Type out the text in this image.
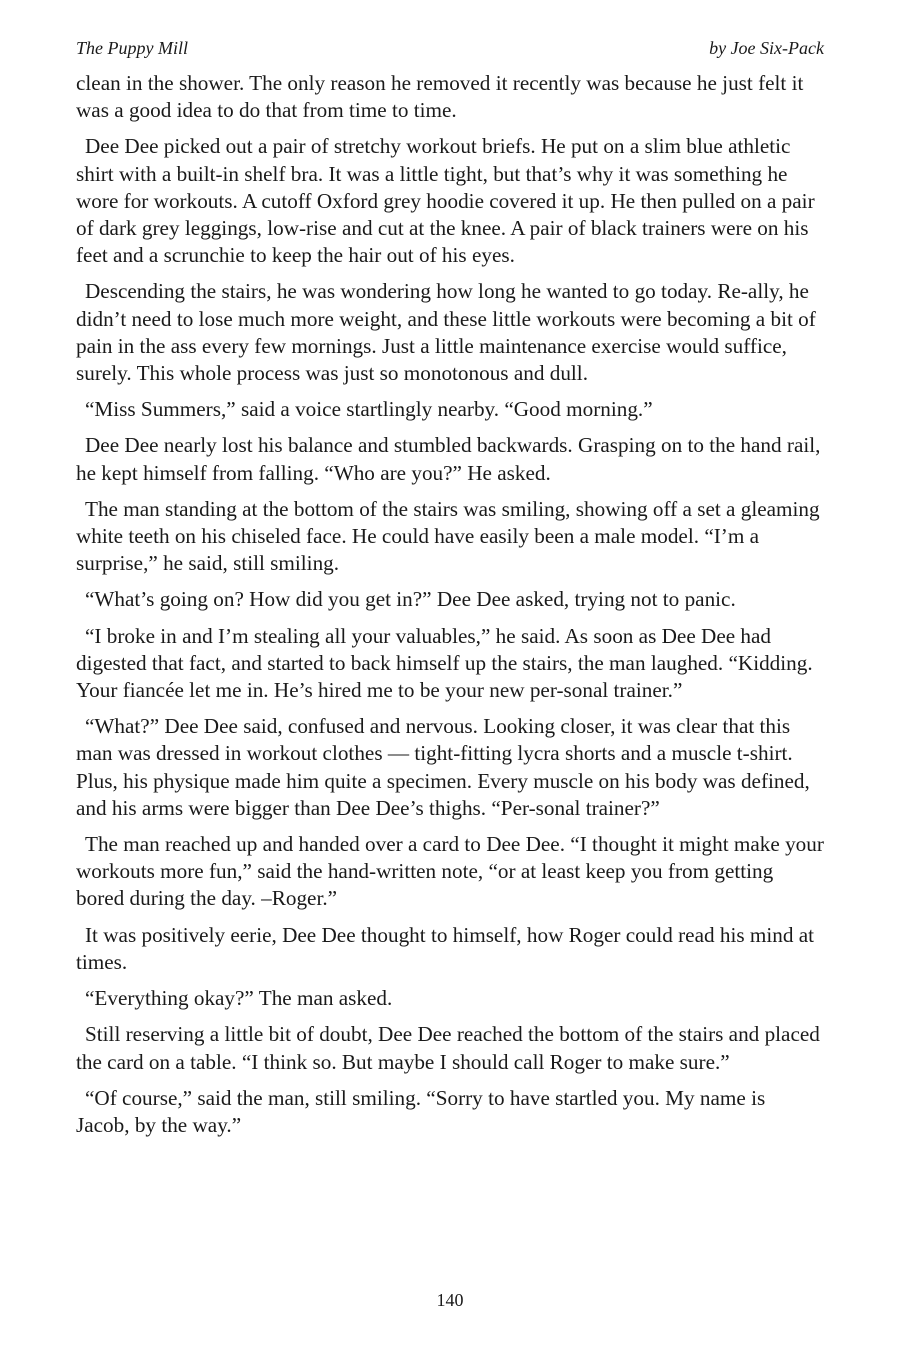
The Puppy Mill	by Joe Six-Pack

clean in the shower. The only reason he removed it recently was because he just felt it was a good idea to do that from time to time.

Dee Dee picked out a pair of stretchy workout briefs. He put on a slim blue athletic shirt with a built-in shelf bra. It was a little tight, but that’s why it was something he wore for workouts. A cutoff Oxford grey hoodie covered it up. He then pulled on a pair of dark grey leggings, low-rise and cut at the knee. A pair of black trainers were on his feet and a scrunchie to keep the hair out of his eyes.

Descending the stairs, he was wondering how long he wanted to go today. Re-ally, he didn’t need to lose much more weight, and these little workouts were becoming a bit of pain in the ass every few mornings. Just a little maintenance exercise would suffice, surely. This whole process was just so monotonous and dull.

“Miss Summers,” said a voice startlingly nearby. “Good morning.”

Dee Dee nearly lost his balance and stumbled backwards. Grasping on to the hand rail, he kept himself from falling. “Who are you?” He asked.

The man standing at the bottom of the stairs was smiling, showing off a set a gleaming white teeth on his chiseled face. He could have easily been a male model. “I’m a surprise,” he said, still smiling.

“What’s going on? How did you get in?” Dee Dee asked, trying not to panic.

“I broke in and I’m stealing all your valuables,” he said. As soon as Dee Dee had digested that fact, and started to back himself up the stairs, the man laughed. “Kidding. Your fiancée let me in. He’s hired me to be your new per-sonal trainer.”

“What?” Dee Dee said, confused and nervous. Looking closer, it was clear that this man was dressed in workout clothes — tight-fitting lycra shorts and a muscle t-shirt. Plus, his physique made him quite a specimen. Every muscle on his body was defined, and his arms were bigger than Dee Dee’s thighs. “Per-sonal trainer?”

The man reached up and handed over a card to Dee Dee. “I thought it might make your workouts more fun,” said the hand-written note, “or at least keep you from getting bored during the day. –Roger.”

It was positively eerie, Dee Dee thought to himself, how Roger could read his mind at times.

“Everything okay?” The man asked.

Still reserving a little bit of doubt, Dee Dee reached the bottom of the stairs and placed the card on a table. “I think so. But maybe I should call Roger to make sure.”

“Of course,” said the man, still smiling. “Sorry to have startled you. My name is Jacob, by the way.”

140
